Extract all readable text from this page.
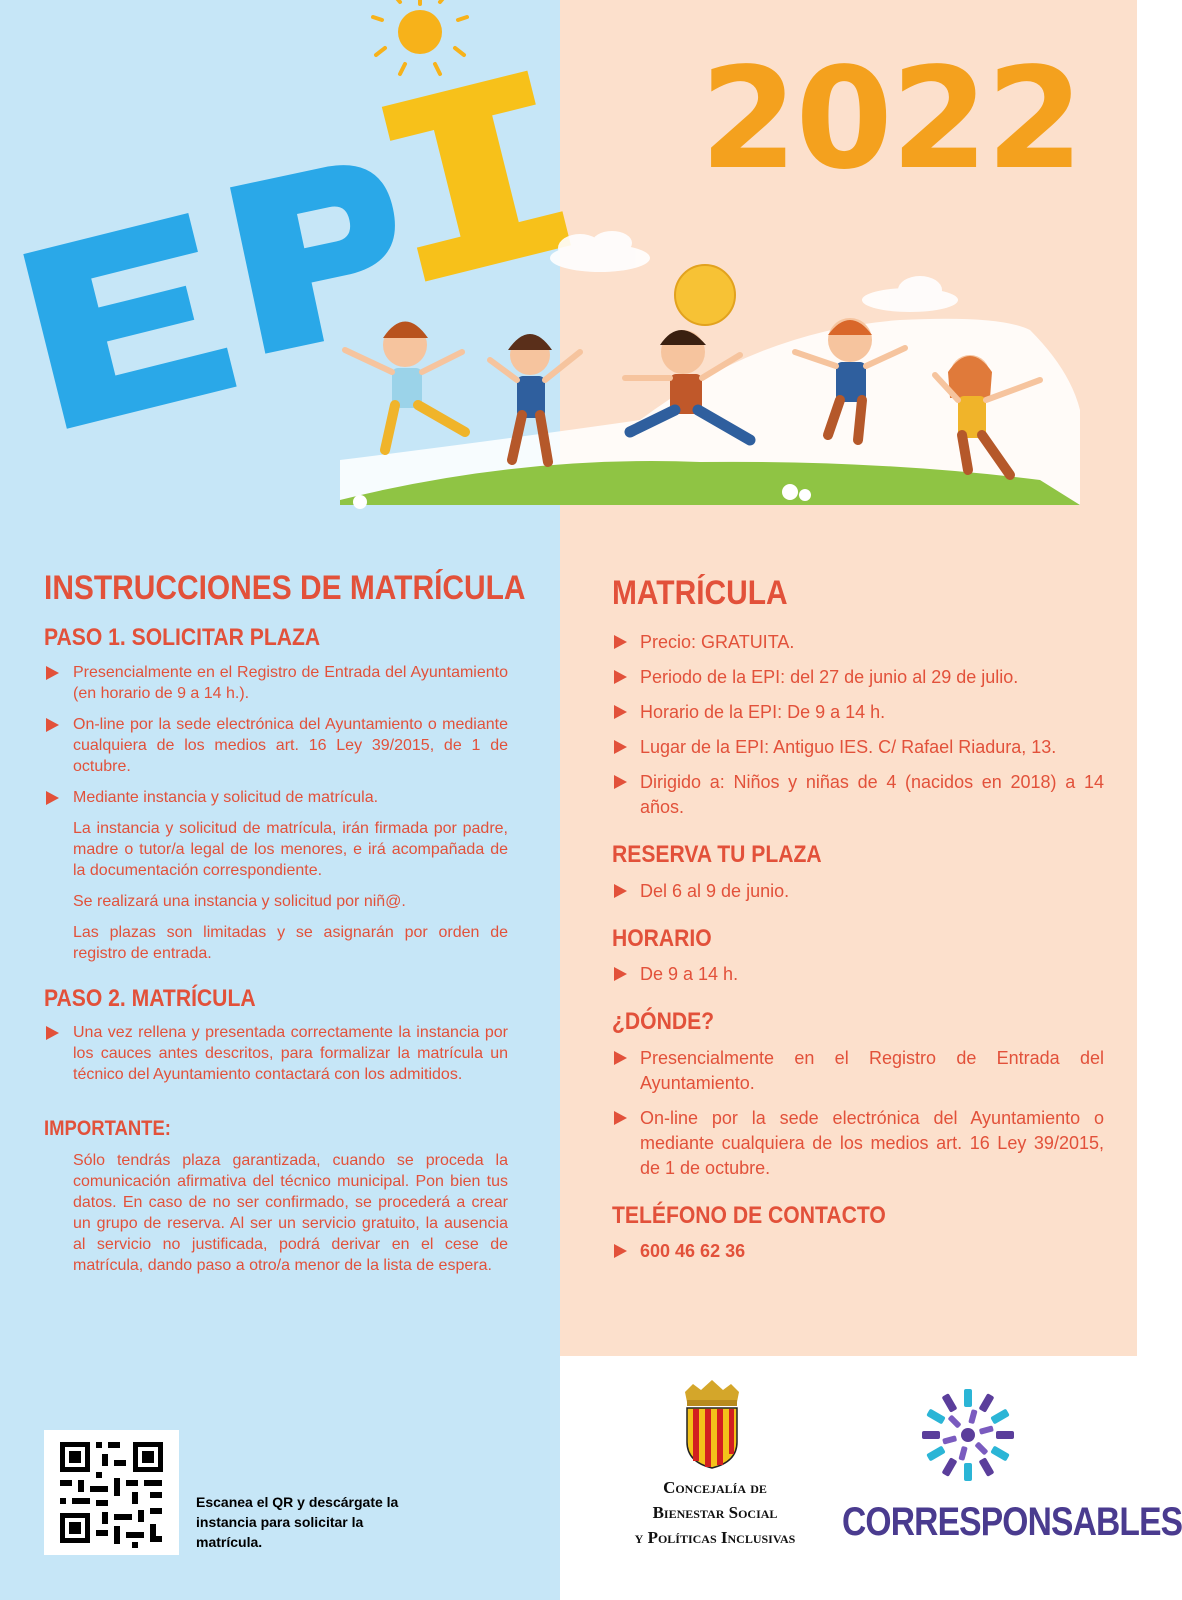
2022
INSTRUCCIONES DE MATRÍCULA
PASO 1. SOLICITAR PLAZA
Presencialmente en el Registro de Entrada del Ayuntamiento (en horario de 9 a 14 h.).
On-line por la sede electrónica del Ayuntamiento o mediante cualquiera de los medios art. 16 Ley 39/2015, de 1 de octubre.
Mediante instancia y solicitud de matrícula.
La instancia y solicitud de matrícula, irán firmada por padre, madre o tutor/a legal de los menores, e irá acompañada de la documentación correspondiente.
Se realizará una instancia y solicitud por niñ@.
Las plazas son limitadas y se asignarán por orden de registro de entrada.
PASO 2. MATRÍCULA
Una vez rellena y presentada correctamente la instancia por los cauces antes descritos, para formalizar la matrícula un técnico del Ayuntamiento contactará con los admitidos.
IMPORTANTE:
Sólo tendrás plaza garantizada, cuando se proceda la comunicación afirmativa del técnico municipal. Pon bien tus datos. En caso de no ser confirmado, se procederá a crear un grupo de reserva. Al ser un servicio gratuito, la ausencia al servicio no justificada, podrá derivar en el cese de matrícula, dando paso a otro/a menor de la lista de espera.
Escanea el QR y descárgate la instancia para solicitar la matrícula.
MATRÍCULA
Precio: GRATUITA.
Periodo de la EPI: del 27 de junio al 29 de julio.
Horario de la EPI: De 9 a 14 h.
Lugar de la EPI: Antiguo IES. C/ Rafael Riadura, 13.
Dirigido a: Niños y niñas de 4 (nacidos en 2018) a 14 años.
RESERVA TU PLAZA
Del 6 al 9 de junio.
HORARIO
De 9 a 14 h.
¿DÓNDE?
Presencialmente en el Registro de Entrada del Ayuntamiento.
On-line por la sede electrónica del Ayuntamiento o mediante cualquiera de los medios art. 16 Ley 39/2015, de 1 de octubre.
TELÉFONO DE CONTACTO
600 46 62 36
Concejalía de
Bienestar Social
y Políticas Inclusivas	CORRESPONSABLES
